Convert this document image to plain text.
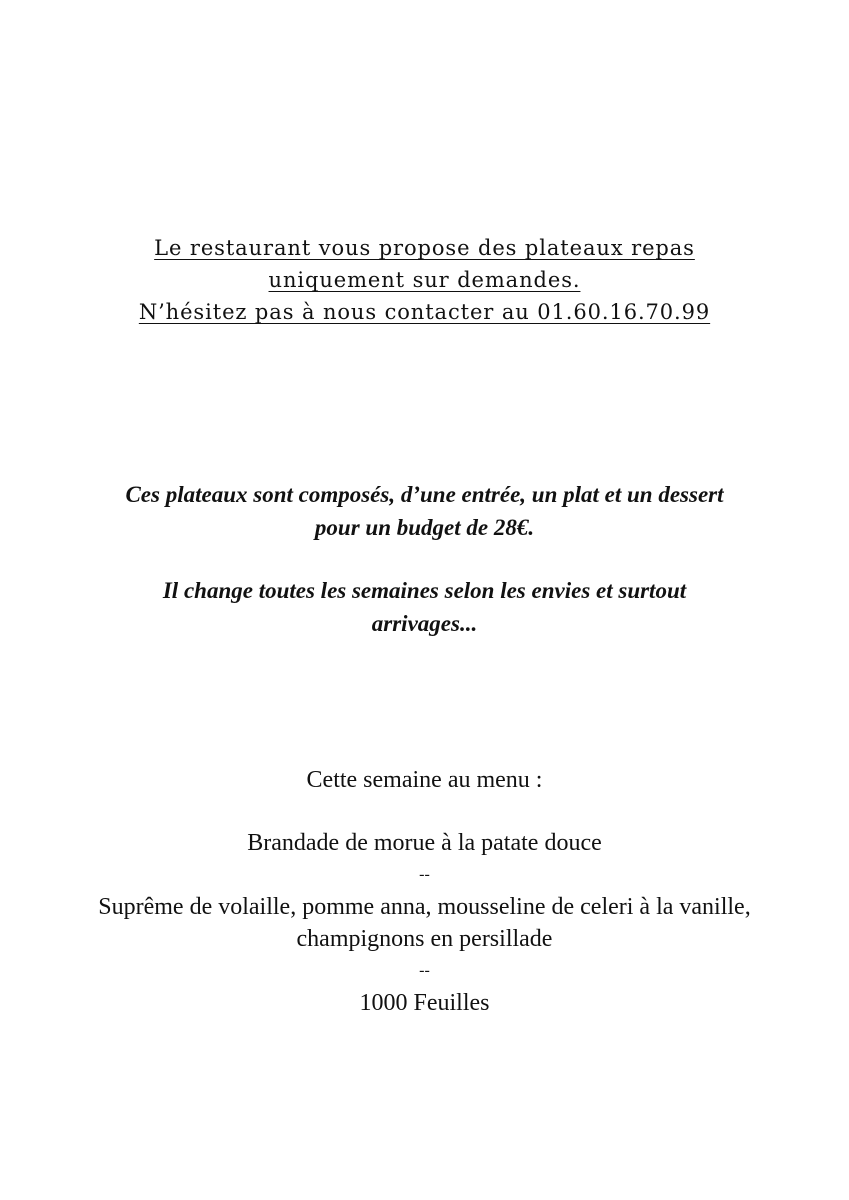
Le restaurant vous propose des plateaux repas
uniquement sur demandes.
N’hésitez pas à nous contacter au 01.60.16.70.99

Ces plateaux sont composés, d’une entrée, un plat et un dessert pour un budget de 28€.

Il change toutes les semaines selon les envies et surtout arrivages...

Cette semaine au menu :
Brandade de morue à la patate douce
--
Suprême de volaille, pomme anna, mousseline de celeri à la vanille, champignons en persillade
--
1000 Feuilles
